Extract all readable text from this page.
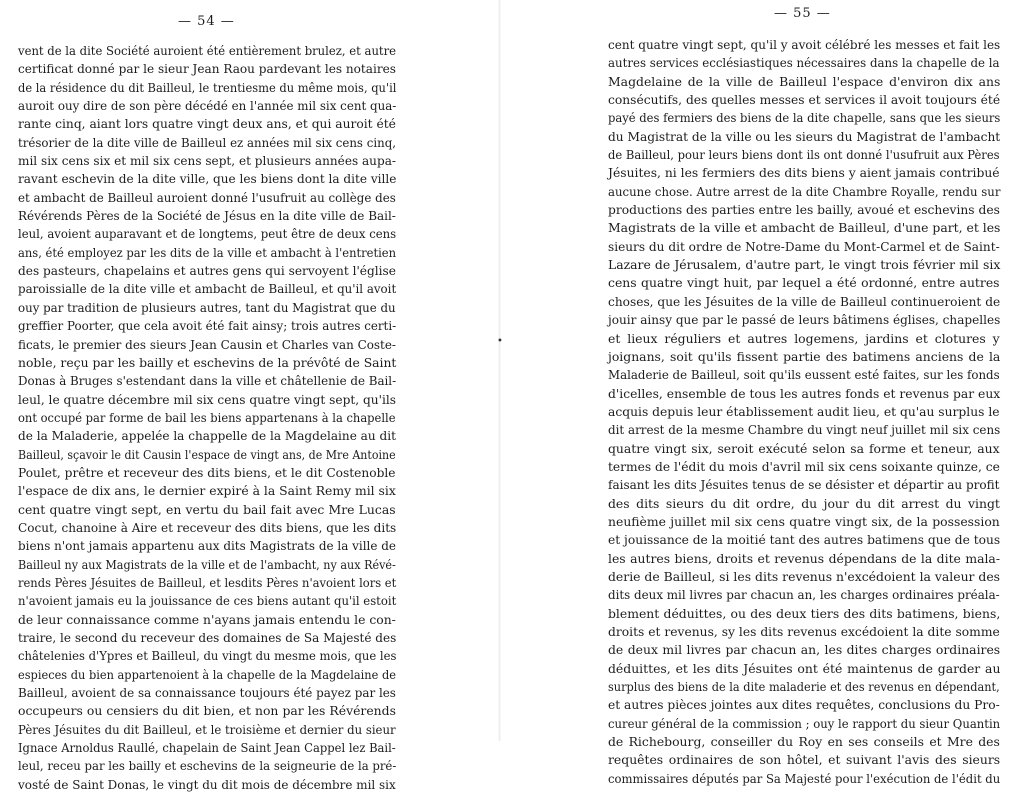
— 54 —
vent de la dite Société auroient été entièrement brulez, et autre
certificat donné par le sieur Jean Raou pardevant les notaires
de la résidence du dit Bailleul, le trentiesme du même mois, qu'il
auroit ouy dire de son père décédé en l'année mil six cent qua-
rante cinq, aiant lors quatre vingt deux ans, et qui auroit été
trésorier de la dite ville de Bailleul ez années mil six cens cinq,
mil six cens six et mil six cens sept, et plusieurs années aupa-
ravant eschevin de la dite ville, que les biens dont la dite ville
et ambacht de Bailleul auroient donné l'usufruit au collège des
Révérends Pères de la Société de Jésus en la dite ville de Bail-
leul, avoient auparavant et de longtems, peut être de deux cens
ans, été employez par les dits de la ville et ambacht à l'entretien
des pasteurs, chapelains et autres gens qui servoyent l'église
paroissialle de la dite ville et ambacht de Bailleul, et qu'il avoit
ouy par tradition de plusieurs autres, tant du Magistrat que du
greffier Poorter, que cela avoit été fait ainsy; trois autres certi-
ficats, le premier des sieurs Jean Causin et Charles van Coste-
noble, reçu par les bailly et eschevins de la prévôté de Saint
Donas à Bruges s'estendant dans la ville et châtellenie de Bail-
leul, le quatre décembre mil six cens quatre vingt sept, qu'ils
ont occupé par forme de bail les biens appartenans à la chapelle
de la Maladerie, appelée la chappelle de la Magdelaine au dit
Bailleul, sçavoir le dit Causin l'espace de vingt ans, de Mre Antoine
Poulet, prêtre et receveur des dits biens, et le dit Costenoble
l'espace de dix ans, le dernier expiré à la Saint Remy mil six
cent quatre vingt sept, en vertu du bail fait avec Mre Lucas
Cocut, chanoine à Aire et receveur des dits biens, que les dits
biens n'ont jamais appartenu aux dits Magistrats de la ville de
Bailleul ny aux Magistrats de la ville et de l'ambacht, ny aux Révé-
rends Pères Jésuites de Bailleul, et lesdits Pères n'avoient lors et
n'avoient jamais eu la jouissance de ces biens autant qu'il estoit
de leur connaissance comme n'ayans jamais entendu le con-
traire, le second du receveur des domaines de Sa Majesté des
châtelenies d'Ypres et Bailleul, du vingt du mesme mois, que les
espieces du bien appartenoient à la chapelle de la Magdelaine de
Bailleul, avoient de sa connaissance toujours été payez par les
occupeurs ou censiers du dit bien, et non par les Révérends
Pères Jésuites du dit Bailleul, et le troisième et dernier du sieur
Ignace Arnoldus Raullé, chapelain de Saint Jean Cappel lez Bail-
leul, receu par les bailly et eschevins de la seigneurie de la pré-
vosté de Saint Donas, le vingt du dit mois de décembre mil six
•
— 55 —
cent quatre vingt sept, qu'il y avoit célébré les messes et fait les
autres services ecclésiastiques nécessaires dans la chapelle de la
Magdelaine de la ville de Bailleul l'espace d'environ dix ans
consécutifs, des quelles messes et services il avoit toujours été
payé des fermiers des biens de la dite chapelle, sans que les sieurs
du Magistrat de la ville ou les sieurs du Magistrat de l'ambacht
de Bailleul, pour leurs biens dont ils ont donné l'usufruit aux Pères
Jésuites, ni les fermiers des dits biens y aient jamais contribué
aucune chose. Autre arrest de la dite Chambre Royalle, rendu sur
productions des parties entre les bailly, avoué et eschevins des
Magistrats de la ville et ambacht de Bailleul, d'une part, et les
sieurs du dit ordre de Notre-Dame du Mont-Carmel et de Saint-
Lazare de Jérusalem, d'autre part, le vingt trois février mil six
cens quatre vingt huit, par lequel a été ordonné, entre autres
choses, que les Jésuites de la ville de Bailleul continueroient de
jouir ainsy que par le passé de leurs bâtimens églises, chapelles
et lieux réguliers et autres logemens, jardins et clotures y
joignans, soit qu'ils fissent partie des batimens anciens de la
Maladerie de Bailleul, soit qu'ils eussent esté faites, sur les fonds
d'icelles, ensemble de tous les autres fonds et revenus par eux
acquis depuis leur établissement audit lieu, et qu'au surplus le
dit arrest de la mesme Chambre du vingt neuf juillet mil six cens
quatre vingt six, seroit exécuté selon sa forme et teneur, aux
termes de l'édit du mois d'avril mil six cens soixante quinze, ce
faisant les dits Jésuites tenus de se désister et départir au profit
des dits sieurs du dit ordre, du jour du dit arrest du vingt
neufième juillet mil six cens quatre vingt six, de la possession
et jouissance de la moitié tant des autres batimens que de tous
les autres biens, droits et revenus dépendans de la dite mala-
derie de Bailleul, si les dits revenus n'excédoient la valeur des
dits deux mil livres par chacun an, les charges ordinaires préala-
blement déduittes, ou des deux tiers des dits batimens, biens,
droits et revenus, sy les dits revenus excédoient la dite somme
de deux mil livres par chacun an, les dites charges ordinaires
déduittes, et les dits Jésuites ont été maintenus de garder au
surplus des biens de la dite maladerie et des revenus en dépendant,
et autres pièces jointes aux dites requêtes, conclusions du Pro-
cureur général de la commission ; ouy le rapport du sieur Quantin
de Richebourg, conseiller du Roy en ses conseils et Mre des
requêtes ordinaires de son hôtel, et suivant l'avis des sieurs
commissaires députés par Sa Majesté pour l'exécution de l'édit du
